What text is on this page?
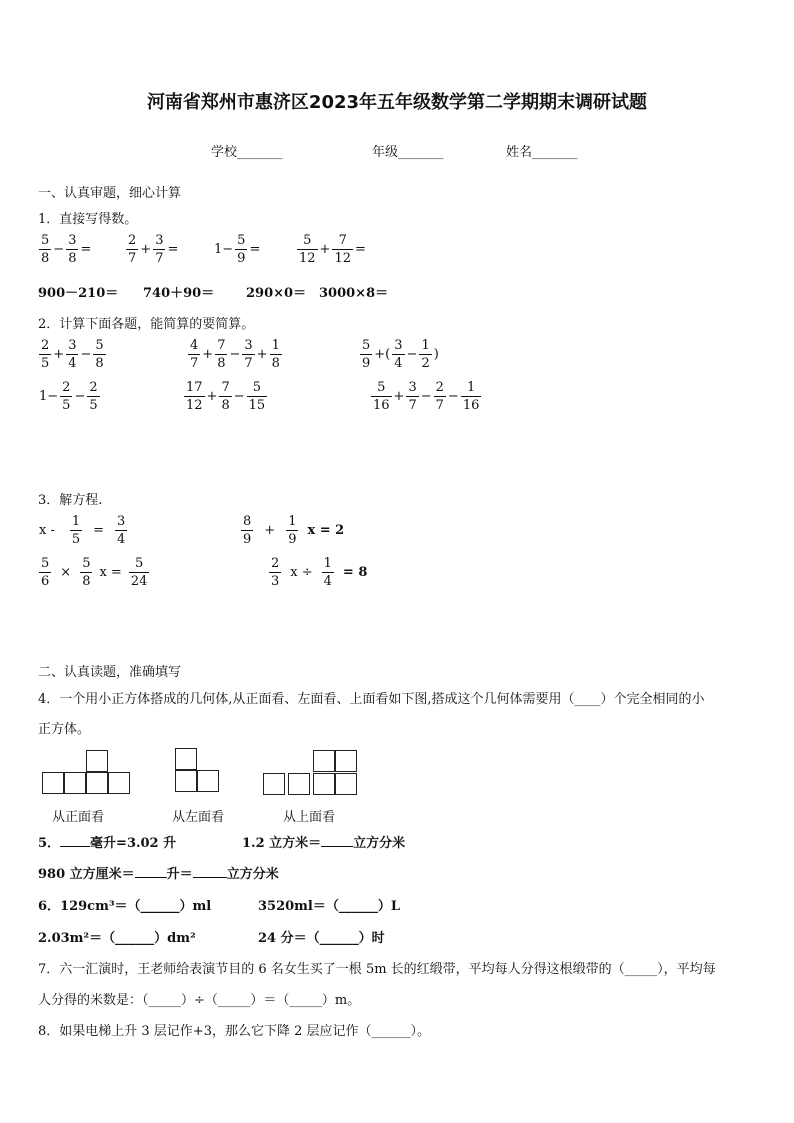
河南省郑州市惠济区2023年五年级数学第二学期期末调研试题
学校_______	年级_______	姓名_______
一、认真审题，细心计算
1．直接写得数。
$\frac{5}{8} - \frac{3}{8}$ =	$\frac{2}{7} + \frac{3}{7}$ =	$1- \frac{5}{9}$ =	$\frac{5}{12} + \frac{7}{12}$ =
900－210＝ 740＋90＝ 290×0＝ 3000×8＝
2．计算下面各题，能简算的要简算。
$\frac{2}{5} + \frac{3}{4} - \frac{5}{8}$	$\frac{4}{7} + \frac{7}{8} - \frac{3}{7} + \frac{1}{8}$	$\frac{5}{9}$ +( $\frac{3}{4} - \frac{1}{2}$ )
$1- \frac{2}{5} - \frac{2}{5}$	$\frac{17}{12} + \frac{7}{8} - \frac{5}{15}$	$\frac{5}{16} + \frac{3}{7} - \frac{2}{7} - \frac{1}{16}$
3．解方程.
$x - \frac{1}{5} = \frac{3}{4}$	$\frac{8}{9} + \frac{1}{9}$ x = 2
$\frac{5}{6} \times \frac{5}{8}$ $x = \frac{5}{24}$	$\frac{2}{3}$ $x \div \frac{1}{4} = 8$
二、认真读题，准确填写
4．一个用小正方体搭成的几何体,从正面看、左面看、上面看如下图,搭成这个几何体需要用（____）个完全相同的小
正方体。
从正面看	从左面看	从上面看
5． 毫升=3.02 升	1.2 立方米＝ 立方分米
980 立方厘米＝ 升＝	立方分米
6．129cm³＝（______）ml	3520ml＝（______）L
2.03m²＝（______）dm²	24 分＝（______）时
7．六一汇演时，王老师给表演节目的 6 名女生买了一根 5m 长的红缎带，平均每人分得这根缎带的（_____），平均每
人分得的米数是：（_____）÷（_____）＝（_____）m。
8．如果电梯上升 3 层记作+3，那么它下降 2 层应记作（______）。
